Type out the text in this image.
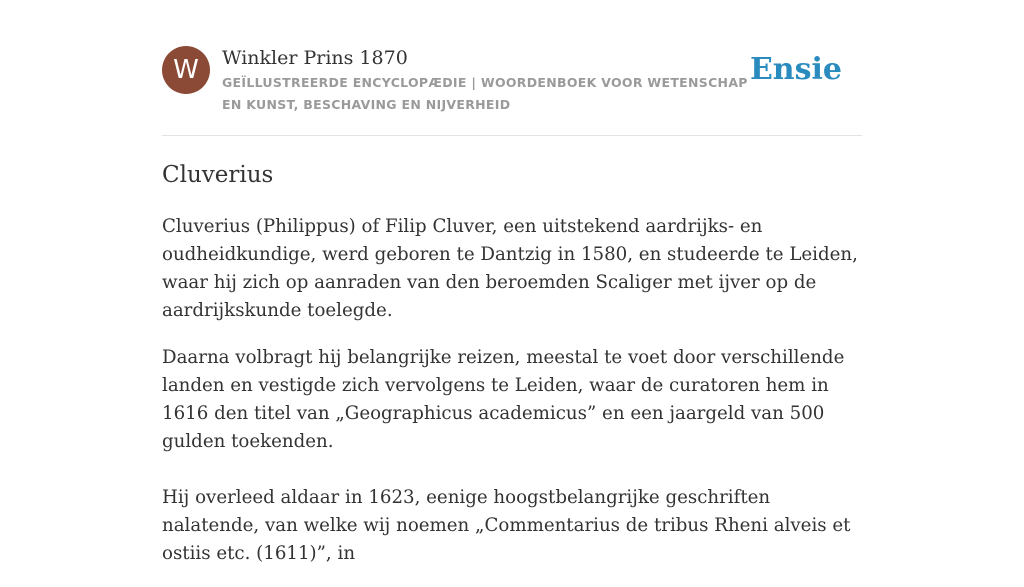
W	Winkler Prins 1870
GEÏLLUSTREERDE ENCYCLOPÆDIE | WOORDENBOEK VOOR WETENSCHAP EN KUNST, BESCHAVING EN NIJVERHEID
Ensie
Cluverius

Cluverius (Philippus) of Filip Cluver, een uitstekend aardrijks- en oudheidkundige, werd geboren te Dantzig in 1580, en studeerde te Leiden, waar hij zich op aanraden van den beroemden Scaliger met ijver op de aardrijkskunde toelegde.

Daarna volbragt hij belangrijke reizen, meestal te voet door verschillende landen en vestigde zich vervolgens te Leiden, waar de curatoren hem in 1616 den titel van „Geographicus academicus” en een jaargeld van 500 gulden toekenden.

Hij overleed aldaar in 1623, eenige hoogstbelangrijke geschriften nalatende, van welke wij noemen „Commentarius de tribus Rheni alveis et ostiis etc. (1611)”, in
